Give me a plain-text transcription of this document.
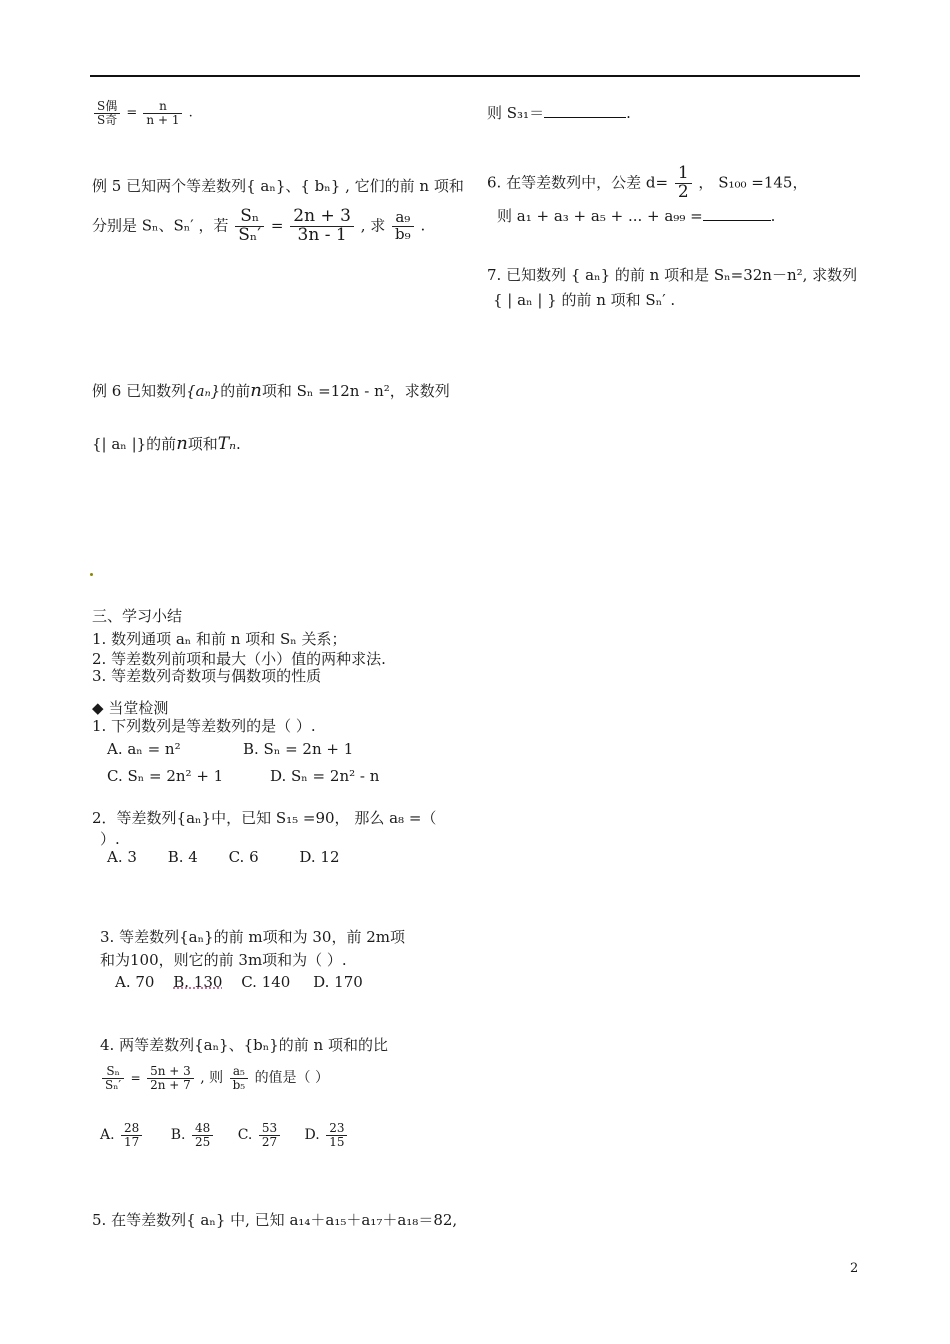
$\frac{\text{S偶}}{\text{S奇}} = \frac{n}{n + 1}$ .
例 5 已知两个等差数列{ aₙ}、{ bₙ} , 它们的前 n 项和
分别是 Sₙ、Sₙ′ ，若 $\frac{\text{Sₙ}}{\text{Sₙ′}} = \frac{2n + 3}{3n - 1}$ , 求 $\frac{\text{a₉}}{\text{b₉}}$ .
例 6 已知数列{aₙ}的前n项和 Sₙ =12n - n²，求数列
{| aₙ |}的前n项和Tₙ.
三、学习小结
1. 数列通项 aₙ 和前 n 项和 Sₙ 关系；
2. 等差数列前项和最大（小）值的两种求法.
3. 等差数列奇数项与偶数项的性质
◆ 当堂检测
1. 下列数列是等差数列的是（ ）.
A. aₙ = n²	B. Sₙ = 2n + 1
C. Sₙ = 2n² + 1	D. Sₙ = 2n² - n
2．等差数列{aₙ}中，已知 S₁₅ =90， 那么 a₈ =（
）.
A. 3 B. 4 C. 6	D. 12
3. 等差数列{aₙ}的前 m项和为 30，前 2m项
和为100，则它的前 3m项和为（ ）.
A. 70 B. 130 C. 140 D. 170
4. 两等差数列{aₙ}、{bₙ}的前 n 项和的比
$\frac{\text{Sₙ}}{\text{Sₙ′}} = \frac{5n + 3}{2n + 7}$ , 则 $\frac{\text{a₅}}{\text{b₅}}$ 的值是（ ）
A. $\frac{28}{17} B$. $\frac{48}{25} C$. $\frac{53}{27} D$. $\frac{23}{15}$
5. 在等差数列{ aₙ} 中, 已知 a₁₄＋a₁₅＋a₁₇＋a₁₈＝82,
则 S₃₁＝	.
6. 在等差数列中，公差 $d= \frac{1}{2}$ ， S₁₀₀ =145，
则 a₁ + a₃ + a₅ + ... + a₉₉ =	.
7. 已知数列 { aₙ} 的前 n 项和是 Sₙ=32n－n², 求数列
{ | aₙ | } 的前 n 项和 Sₙ′ .
2
